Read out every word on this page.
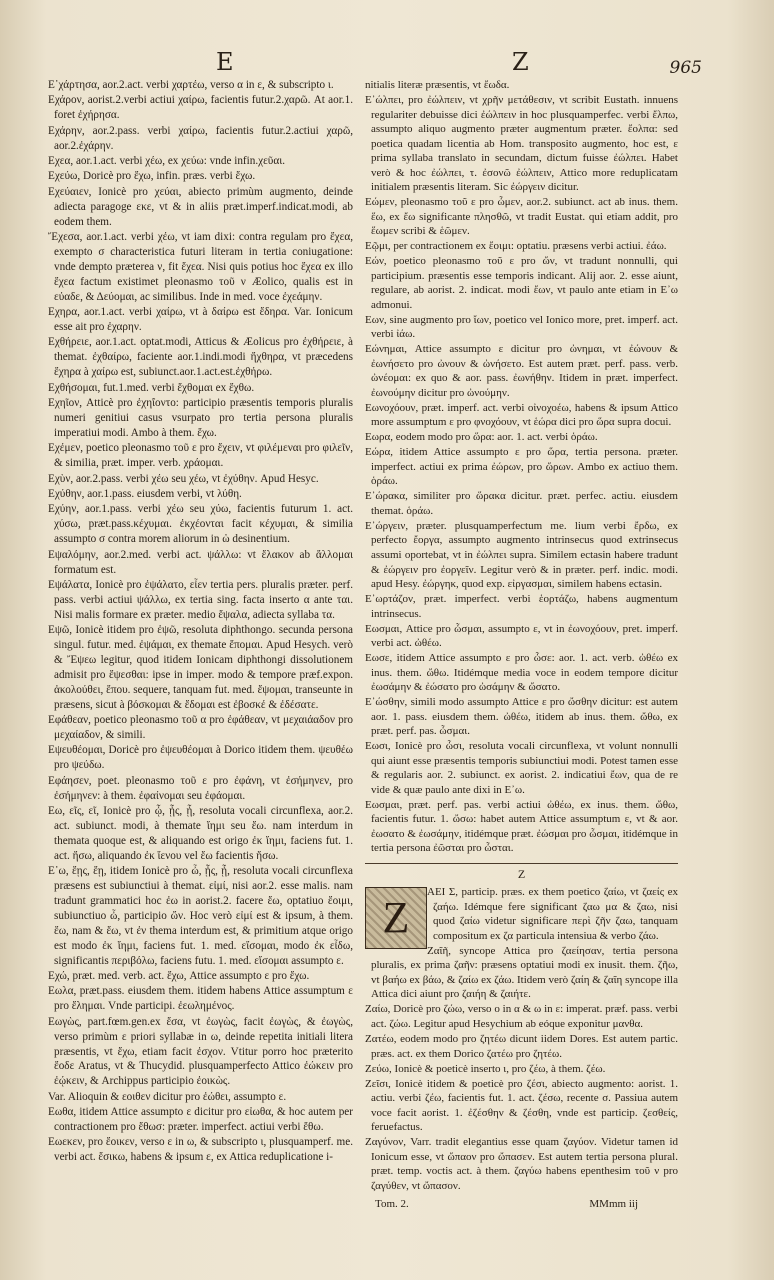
E	Z	965

Ε᾽χάρτησα, aor.2.act. verbi χαρτέω, verso α in ε, & subscripto ι.

Εχάρον, aorist.2.verbi actiui χαίρω, facientis futur.2.χαρῶ. At aor.1. foret ἐχήρησα.

Εχάρην, aor.2.pass. verbi χαίρω, facientis futur.2.actiui χαρῶ, aor.2.ἐχάρην.

Εχεα, aor.1.act. verbi χέω, ex χεύω: vnde infin.χεῦαι.

Εχεύω, Doricè pro ἔχω, infin. præs. verbi ἔχω.

Εχεύαιεν, Ionicè pro χεύαι, abiecto primùm augmento, deinde adiecta paragoge εκε, vt & in aliis præt.imperf.indicat.modi, ab eodem them.

Ἔχεσα, aor.1.act. verbi χέω, vt iam dixi: contra regulam pro ἔχεα, exempto σ characteristica futuri literam in tertia coniugatione: vnde dempto præterea ν, fit ἔχεα. Nisi quis potius hoc ἔχεα ex illo ἔχεα factum existimet pleonasmo τοῦ ν Æolico, qualis est in εὐαδε, & Δεύομαι, ac similibus. Inde in med. voce ἐχεάμην.

Εχηρα, aor.1.act. verbi χαίρω, vt à δαίρω est ἔδηρα. Var. Ionicum esse ait pro ἐχαρην.

Εχθήρειε, aor.1.act. optat.modi, Atticus & Æolicus pro ἐχθήρειε, à themat. ἐχθαίρω, faciente aor.1.indi.modi ἤχθηρα, vt præcedens ἔχηρα à χαίρω est, subiunct.aor.1.act.est.ἐχθήρω.

Εχθήσομαι, fut.1.med. verbi ἔχθομαι ex ἔχθω.

Εχηῖον, Atticè pro ἐχηΐοντο: participio præsentis temporis pluralis numeri genitiui casus vsurpato pro tertia persona pluralis imperatiui modi. Ambo à them. ἔχω.

Εχέμεν, poetico pleonasmo τοῦ ε pro ἔχειν, vt φιλέμεναι pro φιλεῖν, & similia, præt. imper. verb. χράομαι.

Εχὺν, aor.2.pass. verbi χέω seu χέω, vt ἐχύθην. Apud Hesyc.

Εχύθην, aor.1.pass. eiusdem verbi, vt λύθη.

Εχύην, aor.1.pass. verbi χέω seu χύω, facientis futurum 1. act. χύσω, præt.pass.κέχυμαι. ἐκχέονται facit κέχυμαι, & similia assumpto σ contra morem aliorum in ὠ desinentium.

Εψαλόμην, aor.2.med. verbi act. ψάλλω: vt ἔλακον ab ἄλλομαι formatum est.

Εψάλατα, Ionicè pro ἐψάλατο, εἶεν tertia pers. pluralis præter. perf. pass. verbi actiui ψάλλω, ex tertia sing. facta inserto α ante ται. Nisi malis formare ex præter. medio ἔψαλα, adiecta syllaba τα.

Εψῶ, Ionicè itidem pro ἐψῶ, resoluta diphthongo. secunda persona singul. futur. med. ἐψάμαι, ex themate ἕπομαι. Apud Hesych. verò & Ἔψεω legitur, quod itidem Ionicam diphthongi dissolutionem admisit pro ἕψεσθαι: ipse in imper. modo & tempore præf.expon. ἀκολούθει, ἕπου. sequere, tanquam fut. med. ἕψομαι, transeunte in præsens, sicut à βόσκομαι & ἕδομαι est ἐβοσκέ & ἐδέσατε.

Εφάθεαν, poetico pleonasmo τοῦ α pro ἐφάθεαν, vt μεχαιάαδον pro μεχαίαδον, & simili.

Εψευθέομαι, Doricè pro ἐψευθέομαι à Dorico itidem them. ψευθέω pro ψεύδω.

Εφάησεν, poet. pleonasmo τοῦ ε pro ἐφάνη, vt ἐσήμηνεν, pro ἐσήμηνεν: à them. ἐφαίνομαι seu ἐφάομαι.

Εω, εῖς, εῖ, Ionicè pro ᾦ, ᾖς, ᾖ, resoluta vocali circunflexa, aor.2. act. subiunct. modi, à themate ἵημι seu ἕω. nam interdum in themata quoque est, & aliquando est origo ἐκ ἵημι, faciens fut. 1. act. ἥσω, aliquando ἐκ ἵενου vel ἕω facientis ἥσω.

Ε᾽ω, ἕῃς, ἕῃ, itidem Ionicè pro ὦ, ᾖς, ᾖ, resoluta vocali circunflexa præsens est subiunctiui à themat. εἰμί, nisi aor.2. esse malis. nam tradunt grammatici hoc ἐω in aorist.2. facere ἔω, optatiuo ἕοιμι, subiunctiuo ὦ, participio ὤν. Hoc verò εἰμί est & ipsum, à them. ἕω, nam & ἕω, vt ἐν thema interdum est, & primitium atque origo est modo ἐκ ἵημι, faciens fut. 1. med. εἴσομαι, modo ἐκ εἶδω, significantis περιβόλω, faciens futu. 1. med. εἴσομαι assumpto ε.

Εχώ, præt. med. verb. act. ἔχω, Attice assumpto ε pro ἔχω.

Εωλα, præt.pass. eiusdem them. itidem habens Attice assumptum ε pro ἔλημαι. Vnde participi. ἐεωλημένος.

Εωγὼς, part.fœm.gen.ex ἔσα, vt ἐωγὼς, facit ἐωγὼς, & ἐωγὼς, verso primùm ε priori syllabæ in ω, deinde repetita initiali litera præsentis, vt ἔχω, etiam facit ἐσχον. Vtitur porro hoc præterito ἔοδε Aratus, vt & Thucydid. plusquamperfecto Attico ἐώκειν pro ἐῴκειν, & Archippus participio ἐοικὼς.

Var. Alioquin & εοιθεν dicitur pro ἐώθει, assumpto ε.

Εωθα, itidem Attice assumpto ε dicitur pro εἰωθα, & hoc autem per contractionem pro ἔθωσ: præter. imperfect. actiui verbi ἔθω.

Εωεκεν, pro ἔοικεν, verso ε in ω, & subscripto ι, plusquamperf. me. verbi act. ἔσικω, habens & ipsum ε, ex Attica reduplicatione i-

nitialis literæ præsentis, vt ἔωδα.

Ε᾽ώλπει, pro ἐώλπειν, vt χρῆν μετάθεσιν, vt scribit Eustath. innuens regulariter debuisse dici ἐώλπειν in hoc plusquamperfec. verbi ἔλπω, assumpto aliquo augmento præter augmentum præter. ἔολπα: sed poetica quadam licentia ab Hom. transposito augmento, hoc est, ε prima syllaba translato in secundam, dictum fuisse ἐώλπει. Habet verò & hoc ἐώλπει, τ. ἐσονῶ ἐώλπειν, Attico more reduplicatam initialem præsentis literam. Sic ἐώργειν dicitur.

Εώμεν, pleonasmo τοῦ ε pro ὦμεν, aor.2. subiunct. act ab inus. them. ἕω, ex ἔω significante πλησθῶ, vt tradit Eustat. qui etiam addit, pro ἕωμεν scribi & ἑῶμεν.

Εῷμι, per contractionem ex ἔοιμι: optatiu. præsens verbi actiui. ἐάω.

Εών, poetico pleonasmo τοῦ ε pro ὤν, vt tradunt nonnulli, qui participium. præsentis esse temporis indicant. Alij aor. 2. esse aiunt, regulare, ab aorist. 2. indicat. modi ἔων, vt paulo ante etiam in Ε᾽ω admonui.

Εων, sine augmento pro ἴων, poetico vel Ionico more, pret. imperf. act. verbi ἰάω.

Εώνημαι, Attice assumpto ε dicitur pro ὠνημαι, vt ἐώνουν & ἐωνήσετο pro ὠνουν & ὠνήσετο. Est autem præt. perf. pass. verb. ὠνέομαι: ex quo & aor. pass. ἐωνήθην. Itidem in præt. imperfect. ἐωνούμην dicitur pro ὠνούμην.

Εωνοχόουν, præt. imperf. act. verbi οἰνοχοέω, habens & ipsum Attico more assumptum ε pro φνοχόουν, vt ἑώρα dici pro ὥρα supra docui.

Εωρα, eodem modo pro ὥρα: aor. 1. act. verbi ὁράω.

Εώρα, itidem Attice assumpto ε pro ὥρα, tertia persona. præter. imperfect. actiui ex prima ἐώρων, pro ὥρων. Ambo ex actiuo them. ὁράω.

Ε᾽ώρακα, similiter pro ὥρακα dicitur. præt. perfec. actiu. eiusdem themat. ὁράω.

Ε᾽ώργειν, præter. plusquamperfectum me. lium verbi ἔρδω, ex perfecto ἔοργα, assumpto augmento intrinsecus quod extrinsecus assumi oportebat, vt in ἐώλπει supra. Similem ectasin habere tradunt & ἐώργειν pro ἐοργεῖν. Legitur verò & in præter. perf. indic. modi. apud Hesy. ἐώργηκ, quod exp. εἰργασμαι, similem habens ectasin.

Ε᾽ωρτάζον, præt. imperfect. verbi ἑορτάζω, habens augmentum intrinsecus.

Εωσμαι, Attice pro ὦσμαι, assumpto ε, vt in ἐωνοχόουν, pret. imperf. verbi act. ὠθέω.

Εωσε, itidem Attice assumpto ε pro ὦσε: aor. 1. act. verb. ὠθέω ex inus. them. ὤθω. Itidémque media voce in eodem tempore dicitur ἐωσάμην & ἐώσατο pro ὠσάμην & ὤσατο.

Ε᾽ώσθην, simili modo assumpto Attice ε pro ὤσθην dicitur: est autem aor. 1. pass. eiusdem them. ὠθέω, itidem ab inus. them. ὤθω, ex præt. perf. pas. ὦσμαι.

Εωσι, Ionicè pro ὦσι, resoluta vocali circunflexa, vt volunt nonnulli qui aiunt esse præsentis temporis subiunctiui modi. Potest tamen esse & regularis aor. 2. subiunct. ex aorist. 2. indicatiui ἔων, qua de re vide & quæ paulo ante dixi in Ε᾽ω.

Εωσμαι, præt. perf. pas. verbi actiui ὠθέω, ex inus. them. ὤθω, facientis futur. 1. ὤσω: habet autem Attice assumptum ε, vt & aor. ἐωσατο & ἐωσάμην, itidémque præt. ἐώσμαι pro ὦσμαι, itidémque in tertia persona ἐῶσται pro ὦσται.

Z
Z

ΑΕΙ Σ, particip. præs. ex them poetico ζαίω, vt ζαείς ex ζαήω. Idémque fere significant ζαω μα & ζαω, nisi quod ζαίω videtur significare περὶ ζῆν ζαω, tanquam compositum ex ζα particula intensiua & verbo ζάω.

Ζαῖῆ, syncope Attica pro ζαείησαν, tertia persona pluralis, ex prima ζαῆν: præsens optatiui modi ex inusit. them. ζῆω, vt βαήω ex βάω, & ζαίω ex ζάω. Itidem verò ζαίη & ζαῖη syncope illa Attica dici aiunt pro ζαιήη & ζαιήτε.

Ζαίω, Doricè pro ζώω, verso ο in α & ω in ε: imperat. præf. pass. verbi act. ζώω. Legitur apud Hesychium ab eóque exponitur μανθα.

Ζατέω, eodem modo pro ζητέω dicunt iidem Dores. Est autem partic. præs. act. ex them Dorico ζατέω pro ζητέω.

Ζεύω, Ionicè & poeticè inserto ι, pro ζέω, à them. ζέω.

Ζεῖσι, Ionicè itidem & poeticè pro ζέσι, abiecto augmento: aorist. 1. actiu. verbi ζέω, facientis fut. 1. act. ζέσω, recente σ. Passiua autem voce facit aorist. 1. ἐζέσθην & ζέσθη, vnde est particip. ζεσθείς, feruefactus.

Ζαγύνον, Varr. tradit elegantius esse quam ζαγύον. Videtur tamen id Ionicum esse, vt ὤπαον pro ὤπασεν. Est autem tertia persona plural. præt. temp. voctis act. à them. ζαγύω habens epenthesim τοῦ ν pro ζαγύθεν, vt ὤπασον.

Tom. 2.	MMmm iij
